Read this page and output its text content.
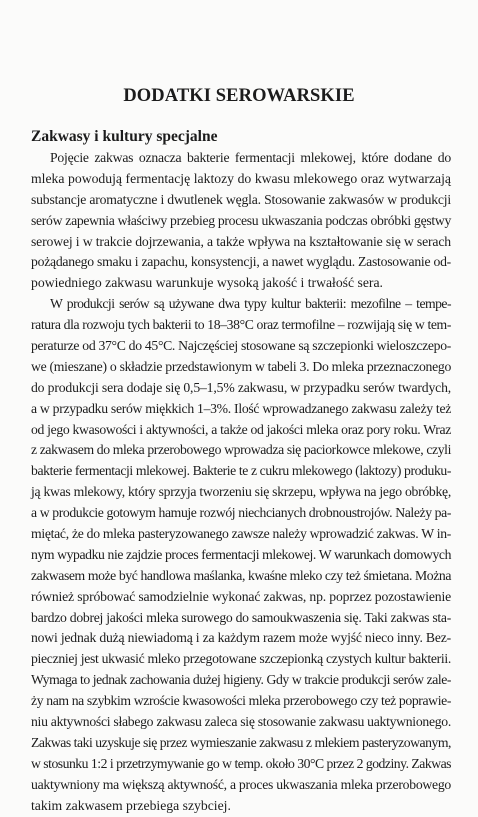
DODATKI SEROWARSKIE
Zakwasy i kultury specjalne
Pojęcie zakwas oznacza bakterie fermentacji mlekowej, które dodane do
mleka powodują fermentację laktozy do kwasu mlekowego oraz wytwarzają
substancje aromatyczne i dwutlenek węgla. Stosowanie zakwasów w produkcji
serów zapewnia właściwy przebieg procesu ukwaszania podczas obróbki gęstwy
serowej i w trakcie dojrzewania, a także wpływa na kształtowanie się w serach
pożądanego smaku i zapachu, konsystencji, a nawet wyglądu. Zastosowanie od-
powiedniego zakwasu warunkuje wysoką jakość i trwałość sera.
W produkcji serów są używane dwa typy kultur bakterii: mezofilne – tempe-
ratura dla rozwoju tych bakterii to 18–38°C oraz termofilne – rozwijają się w tem-
peraturze od 37°C do 45°C. Najczęściej stosowane są szczepionki wieloszczepo-
we (mieszane) o składzie przedstawionym w tabeli 3. Do mleka przeznaczonego
do produkcji sera dodaje się 0,5–1,5% zakwasu, w przypadku serów twardych,
a w przypadku serów miękkich 1–3%. Ilość wprowadzanego zakwasu zależy też
od jego kwasowości i aktywności, a także od jakości mleka oraz pory roku. Wraz
z zakwasem do mleka przerobowego wprowadza się paciorkowce mlekowe, czyli
bakterie fermentacji mlekowej. Bakterie te z cukru mlekowego (laktozy) produku-
ją kwas mlekowy, który sprzyja tworzeniu się skrzepu, wpływa na jego obróbkę,
a w produkcie gotowym hamuje rozwój niechcianych drobnoustrojów. Należy pa-
miętać, że do mleka pasteryzowanego zawsze należy wprowadzić zakwas. W in-
nym wypadku nie zajdzie proces fermentacji mlekowej. W warunkach domowych
zakwasem może być handlowa maślanka, kwaśne mleko czy też śmietana. Można
również spróbować samodzielnie wykonać zakwas, np. poprzez pozostawienie
bardzo dobrej jakości mleka surowego do samoukwaszenia się. Taki zakwas sta-
nowi jednak dużą niewiadomą i za każdym razem może wyjść nieco inny. Bez-
pieczniej jest ukwasić mleko przegotowane szczepionką czystych kultur bakterii.
Wymaga to jednak zachowania dużej higieny. Gdy w trakcie produkcji serów zale-
ży nam na szybkim wzroście kwasowości mleka przerobowego czy też poprawie-
niu aktywności słabego zakwasu zaleca się stosowanie zakwasu uaktywnionego.
Zakwas taki uzyskuje się przez wymieszanie zakwasu z mlekiem pasteryzowanym,
w stosunku 1:2 i przetrzymywanie go w temp. około 30°C przez 2 godziny. Zakwas
uaktywniony ma większą aktywność, a proces ukwaszania mleka przerobowego
takim zakwasem przebiega szybciej.
